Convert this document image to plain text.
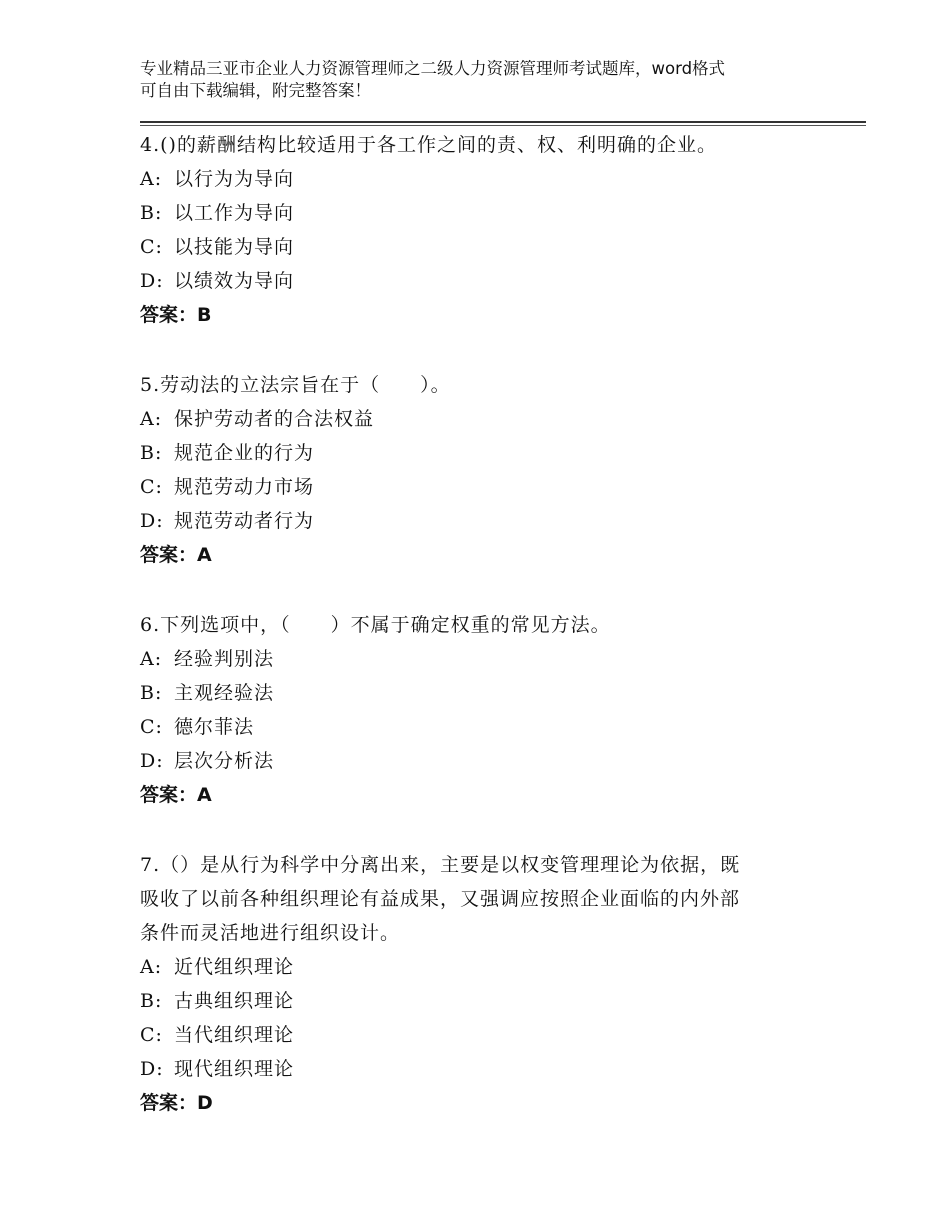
专业精品三亚市企业人力资源管理师之二级人力资源管理师考试题库，word格式
可自由下载编辑，附完整答案！
4.()的薪酬结构比较适用于各工作之间的责、权、利明确的企业。
A: 以行为为导向
B: 以工作为导向
C: 以技能为导向
D: 以绩效为导向
答案：B
5.劳动法的立法宗旨在于（　　）。
A: 保护劳动者的合法权益
B: 规范企业的行为
C: 规范劳动力市场
D: 规范劳动者行为
答案：A
6.下列选项中，（　　）不属于确定权重的常见方法。
A: 经验判别法
B: 主观经验法
C: 德尔菲法
D: 层次分析法
答案：A
7.（）是从行为科学中分离出来，主要是以权变管理理论为依据，既
吸收了以前各种组织理论有益成果，又强调应按照企业面临的内外部
条件而灵活地进行组织设计。
A: 近代组织理论
B: 古典组织理论
C: 当代组织理论
D: 现代组织理论
答案：D
